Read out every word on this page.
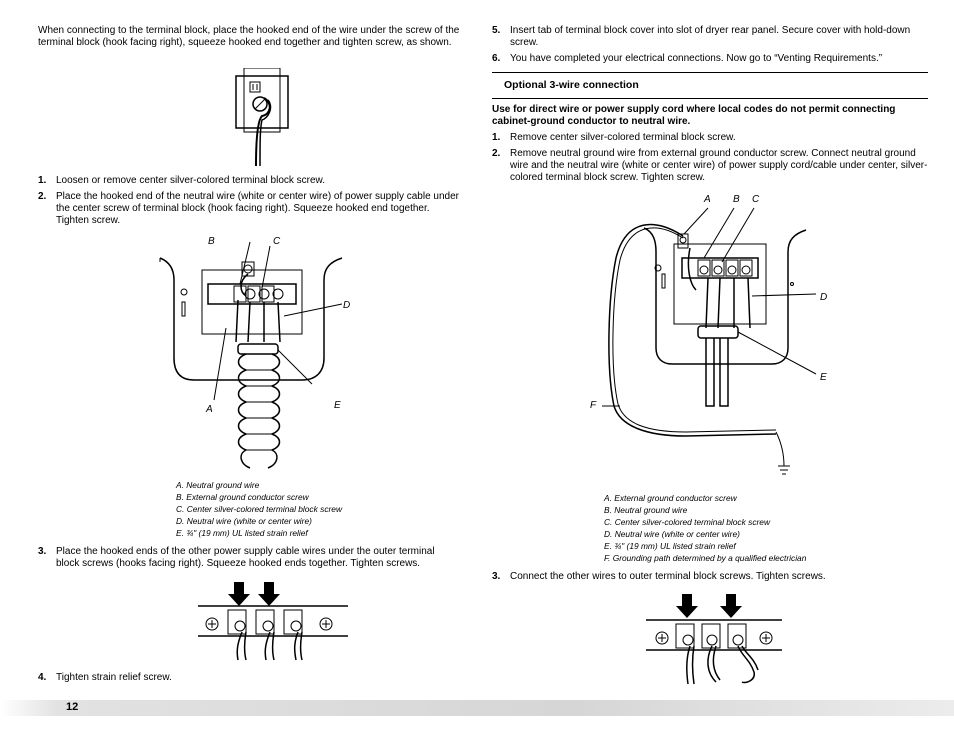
When connecting to the terminal block, place the hooked end of the wire under the screw of the terminal block (hook facing right), squeeze hooked end together and tighten screw, as shown.

1. Loosen or remove center silver-colored terminal block screw.
2. Place the hooked end of the neutral wire (white or center wire) of power supply cable under the center screw of terminal block (hook facing right). Squeeze hooked end together. Tighten screw.
B	C
D
A	E
A. Neutral ground wire
B. External ground conductor screw
C. Center silver-colored terminal block screw
D. Neutral wire (white or center wire)
E. ¾" (19 mm) UL listed strain relief
3. Place the hooked ends of the other power supply cable wires under the outer terminal block screws (hooks facing right). Squeeze hooked ends together. Tighten screws.
4. Tighten strain relief screw.
5. Insert tab of terminal block cover into slot of dryer rear panel. Secure cover with hold-down screw.
6. You have completed your electrical connections. Now go to “Venting Requirements.”
Optional 3-wire connection
Use for direct wire or power supply cord where local codes do not permit connecting cabinet-ground conductor to neutral wire.
1. Remove center silver-colored terminal block screw.
2. Remove neutral ground wire from external ground conductor screw. Connect neutral ground wire and the neutral wire (white or center wire) of power supply cord/cable under center, silver-colored terminal block screw. Tighten screw.
A B C
D
E
F
A. External ground conductor screw
B. Neutral ground wire
C. Center silver-colored terminal block screw
D. Neutral wire (white or center wire)
E. ¾" (19 mm) UL listed strain relief
F. Grounding path determined by a qualified electrician
3. Connect the other wires to outer terminal block screws. Tighten screws.
12
